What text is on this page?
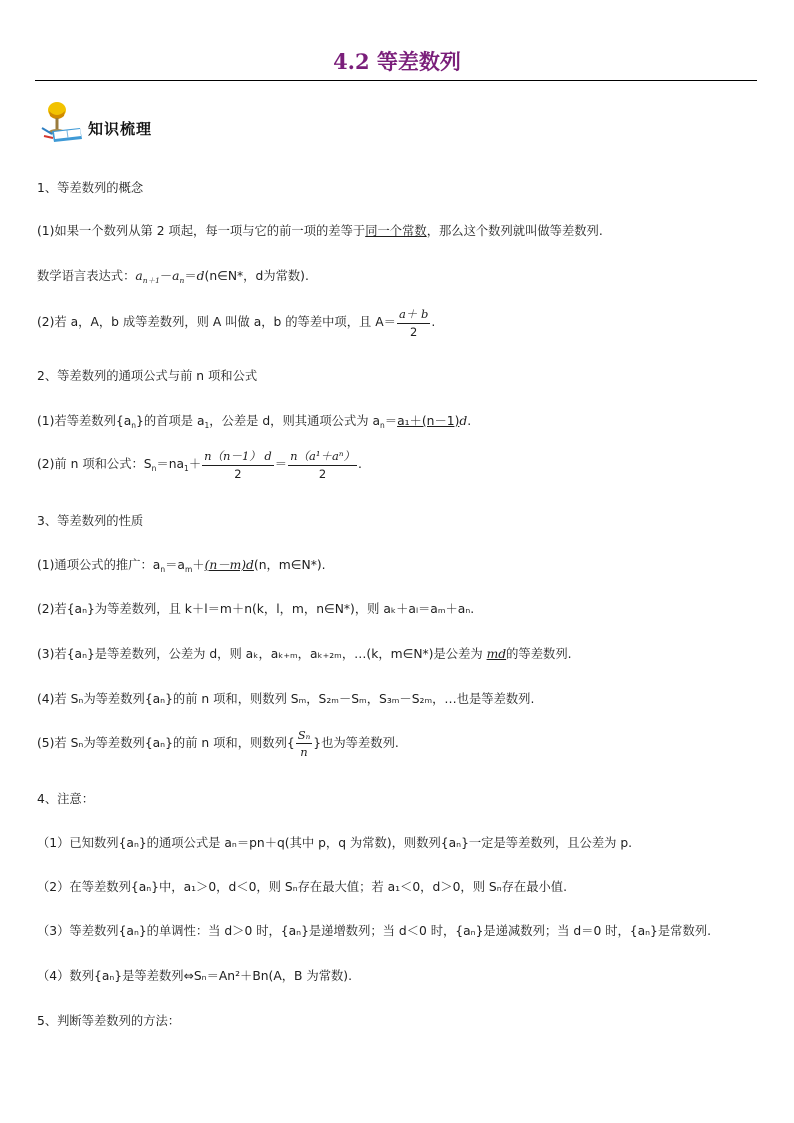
4.2 等差数列
知识梳理
1、等差数列的概念
(1)如果一个数列从第 2 项起，每一项与它的前一项的差等于同一个常数，那么这个数列就叫做等差数列.
数学语言表达式：$a_{n+1}-a_n=d(n\in N*$，d为常数).
(2)若 a，A，b 成等差数列，则 A 叫做 a，b 的等差中项，且 $A= \frac{a+ b}{2}$ .
2、等差数列的通项公式与前 n 项和公式
(1)若等差数列$\{a_n\}$的首项是 $a_1$，公差是 d，则其通项公式为 $a_n=a_1+(n-1)d$.
(2)前 n 项和公式：$S_n=na_1+ \frac{n(n-1) d}{2} = \frac{\text{n（a¹＋aⁿ）}}{2}$ .
3、等差数列的性质
(1)通项公式的推广：$a_n=a_m+(n-m)d(n$，m∈N*).
(2)若{aₙ}为等差数列，且 k＋l＝m＋n(k，l，m，n∈N*)，则 aₖ＋aₗ＝aₘ＋aₙ.
(3)若{aₙ}是等差数列，公差为 d，则 aₖ，aₖ₊ₘ，aₖ₊₂ₘ，…(k，m∈N*)是公差为 md的等差数列.
(4)若 Sₙ为等差数列{aₙ}的前 n 项和，则数列 Sₘ，S₂ₘ－Sₘ，S₃ₘ－S₂ₘ，…也是等差数列.
(5)若 Sₙ为等差数列{aₙ}的前 n 项和，则数列{ $\frac{\text{Sₙ}}{n}$ }也为等差数列.
4、注意：
（1）已知数列{aₙ}的通项公式是 aₙ＝pn＋q(其中 p，q 为常数)，则数列{aₙ}一定是等差数列，且公差为 p.
（2）在等差数列{aₙ}中，a₁＞0，d＜0，则 Sₙ存在最大值；若 a₁＜0，d＞0，则 Sₙ存在最小值.
（3）等差数列{aₙ}的单调性：当 d＞0 时，{aₙ}是递增数列；当 d＜0 时，{aₙ}是递减数列；当 d＝0 时，{aₙ}是常数列.
（4）数列{aₙ}是等差数列⇔Sₙ＝An²＋Bn(A，B 为常数).
5、判断等差数列的方法：
